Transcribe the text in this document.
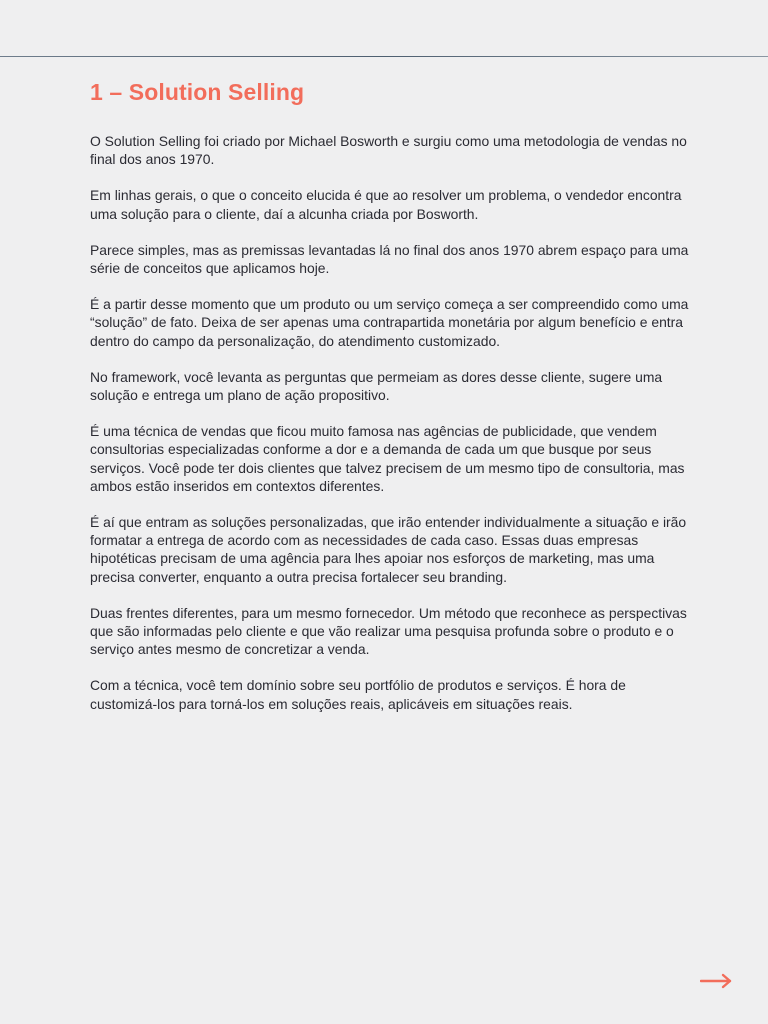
1 – Solution Selling

O Solution Selling foi criado por Michael Bosworth e surgiu como uma metodologia de vendas no final dos anos 1970.

Em linhas gerais, o que o conceito elucida é que ao resolver um problema, o vendedor encontra uma solução para o cliente, daí a alcunha criada por Bosworth.

Parece simples, mas as premissas levantadas lá no final dos anos 1970 abrem espaço para uma série de conceitos que aplicamos hoje.

É a partir desse momento que um produto ou um serviço começa a ser compreendido como uma “solução” de fato. Deixa de ser apenas uma contrapartida monetária por algum benefício e entra dentro do campo da personalização, do atendimento customizado.

No framework, você levanta as perguntas que permeiam as dores desse cliente, sugere uma solução e entrega um plano de ação propositivo.

É uma técnica de vendas que ficou muito famosa nas agências de publicidade, que vendem consultorias especializadas conforme a dor e a demanda de cada um que busque por seus serviços. Você pode ter dois clientes que talvez precisem de um mesmo tipo de consultoria, mas ambos estão inseridos em contextos diferentes.

É aí que entram as soluções personalizadas, que irão entender individualmente a situação e irão formatar a entrega de acordo com as necessidades de cada caso. Essas duas empresas hipotéticas precisam de uma agência para lhes apoiar nos esforços de marketing, mas uma precisa converter, enquanto a outra precisa fortalecer seu branding.

Duas frentes diferentes, para um mesmo fornecedor. Um método que reconhece as perspectivas que são informadas pelo cliente e que vão realizar uma pesquisa profunda sobre o produto e o serviço antes mesmo de concretizar a venda.

Com a técnica, você tem domínio sobre seu portfólio de produtos e serviços. É hora de customizá-los para torná-los em soluções reais, aplicáveis em situações reais.
